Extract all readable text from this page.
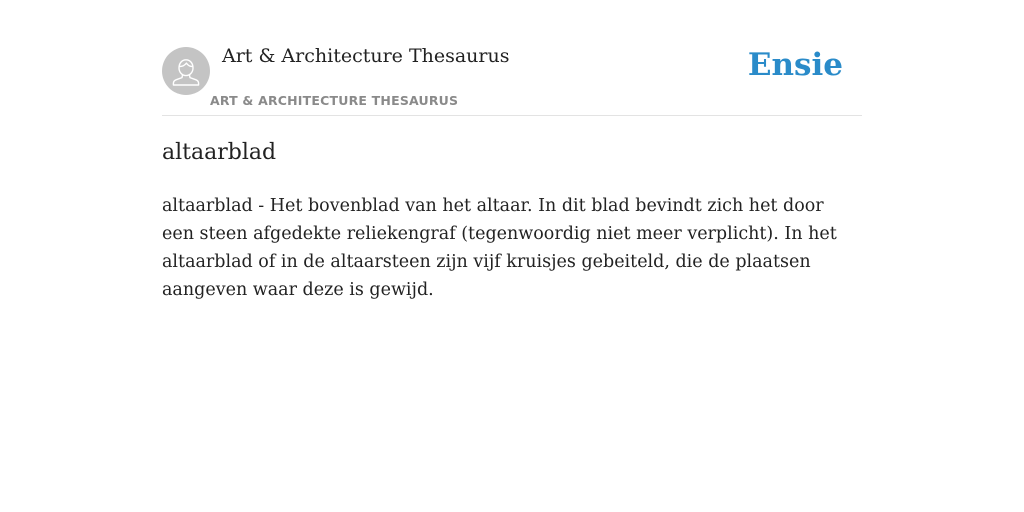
Art & Architecture Thesaurus
ART & ARCHITECTURE THESAURUS
Ensie
altaarblad

altaarblad - Het bovenblad van het altaar. In dit blad bevindt zich het door een steen afgedekte reliekengraf (tegenwoordig niet meer verplicht). In het altaarblad of in de altaarsteen zijn vijf kruisjes gebeiteld, die de plaatsen aangeven waar deze is gewijd.
